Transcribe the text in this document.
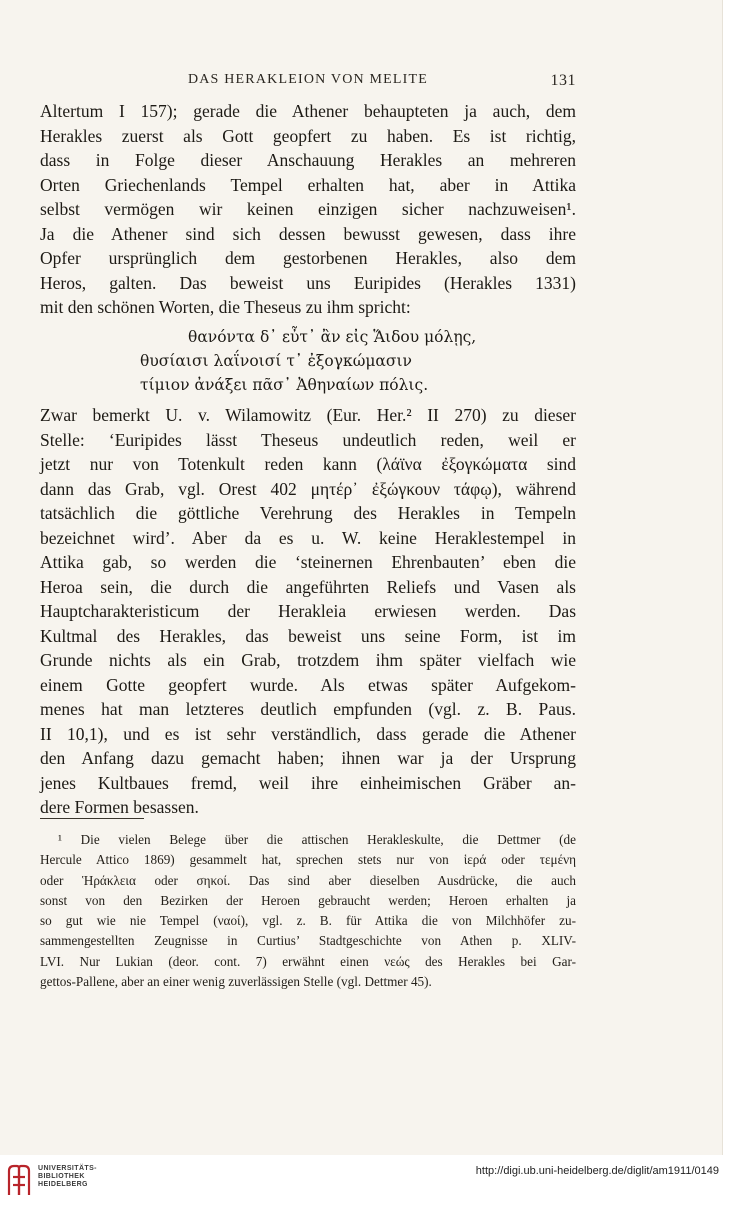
DAS HERAKLEION VON MELITE	131
Altertum I 157); gerade die Athener behaupteten ja auch, dem
Herakles zuerst als Gott geopfert zu haben. Es ist richtig,
dass in Folge dieser Anschauung Herakles an mehreren
Orten Griechenlands Tempel erhalten hat, aber in Attika
selbst vermögen wir keinen einzigen sicher nachzuweisen¹.
Ja die Athener sind sich dessen bewusst gewesen, dass ihre
Opfer ursprünglich dem gestorbenen Herakles, also dem
Heros, galten. Das beweist uns Euripides (Herakles 1331)
mit den schönen Worten, die Theseus zu ihm spricht:
θανόντα δ᾽ εὖτ᾽ ἂν εἰς Ἅιδου μόλῃς,
θυσίαισι λαΐνοισί τ᾽ ἐξογκώμασιν
τίμιον ἀνάξει πᾶσ᾽ Ἀθηναίων πόλις.
Zwar bemerkt U. v. Wilamowitz (Eur. Her.² II 270) zu dieser
Stelle: ‘Euripides lässt Theseus undeutlich reden, weil er
jetzt nur von Totenkult reden kann (λάϊνα ἐξογκώματα sind
dann das Grab, vgl. Orest 402 μητέρ᾽ ἐξώγκουν τάφῳ), während
tatsächlich die göttliche Verehrung des Herakles in Tempeln
bezeichnet wird’. Aber da es u. W. keine Heraklestempel in
Attika gab, so werden die ‘steinernen Ehrenbauten’ eben die
Heroa sein, die durch die angeführten Reliefs und Vasen als
Hauptcharakteristicum der Herakleia erwiesen werden. Das
Kultmal des Herakles, das beweist uns seine Form, ist im
Grunde nichts als ein Grab, trotzdem ihm später vielfach wie
einem Gotte geopfert wurde. Als etwas später Aufgekom-
menes hat man letzteres deutlich empfunden (vgl. z. B. Paus.
II 10,1), und es ist sehr verständlich, dass gerade die Athener
den Anfang dazu gemacht haben; ihnen war ja der Ursprung
jenes Kultbaues fremd, weil ihre einheimischen Gräber an-
dere Formen besassen.
¹ Die vielen Belege über die attischen Herakleskulte, die Dettmer (de
Hercule Attico 1869) gesammelt hat, sprechen stets nur von ἱερά oder τεμένη
oder Ἡράκλεια oder σηκοί. Das sind aber dieselben Ausdrücke, die auch
sonst von den Bezirken der Heroen gebraucht werden; Heroen erhalten ja
so gut wie nie Tempel (ναοί), vgl. z. B. für Attika die von Milchhöfer zu-
sammengestellten Zeugnisse in Curtius’ Stadtgeschichte von Athen p. XLIV-
LVI. Nur Lukian (deor. cont. 7) erwähnt einen νεώς des Herakles bei Gar-
gettos-Pallene, aber an einer wenig zuverlässigen Stelle (vgl. Dettmer 45).
UNIVERSITÄTS-
BIBLIOTHEK
HEIDELBERG
http://digi.ub.uni-heidelberg.de/diglit/am1911/0149
